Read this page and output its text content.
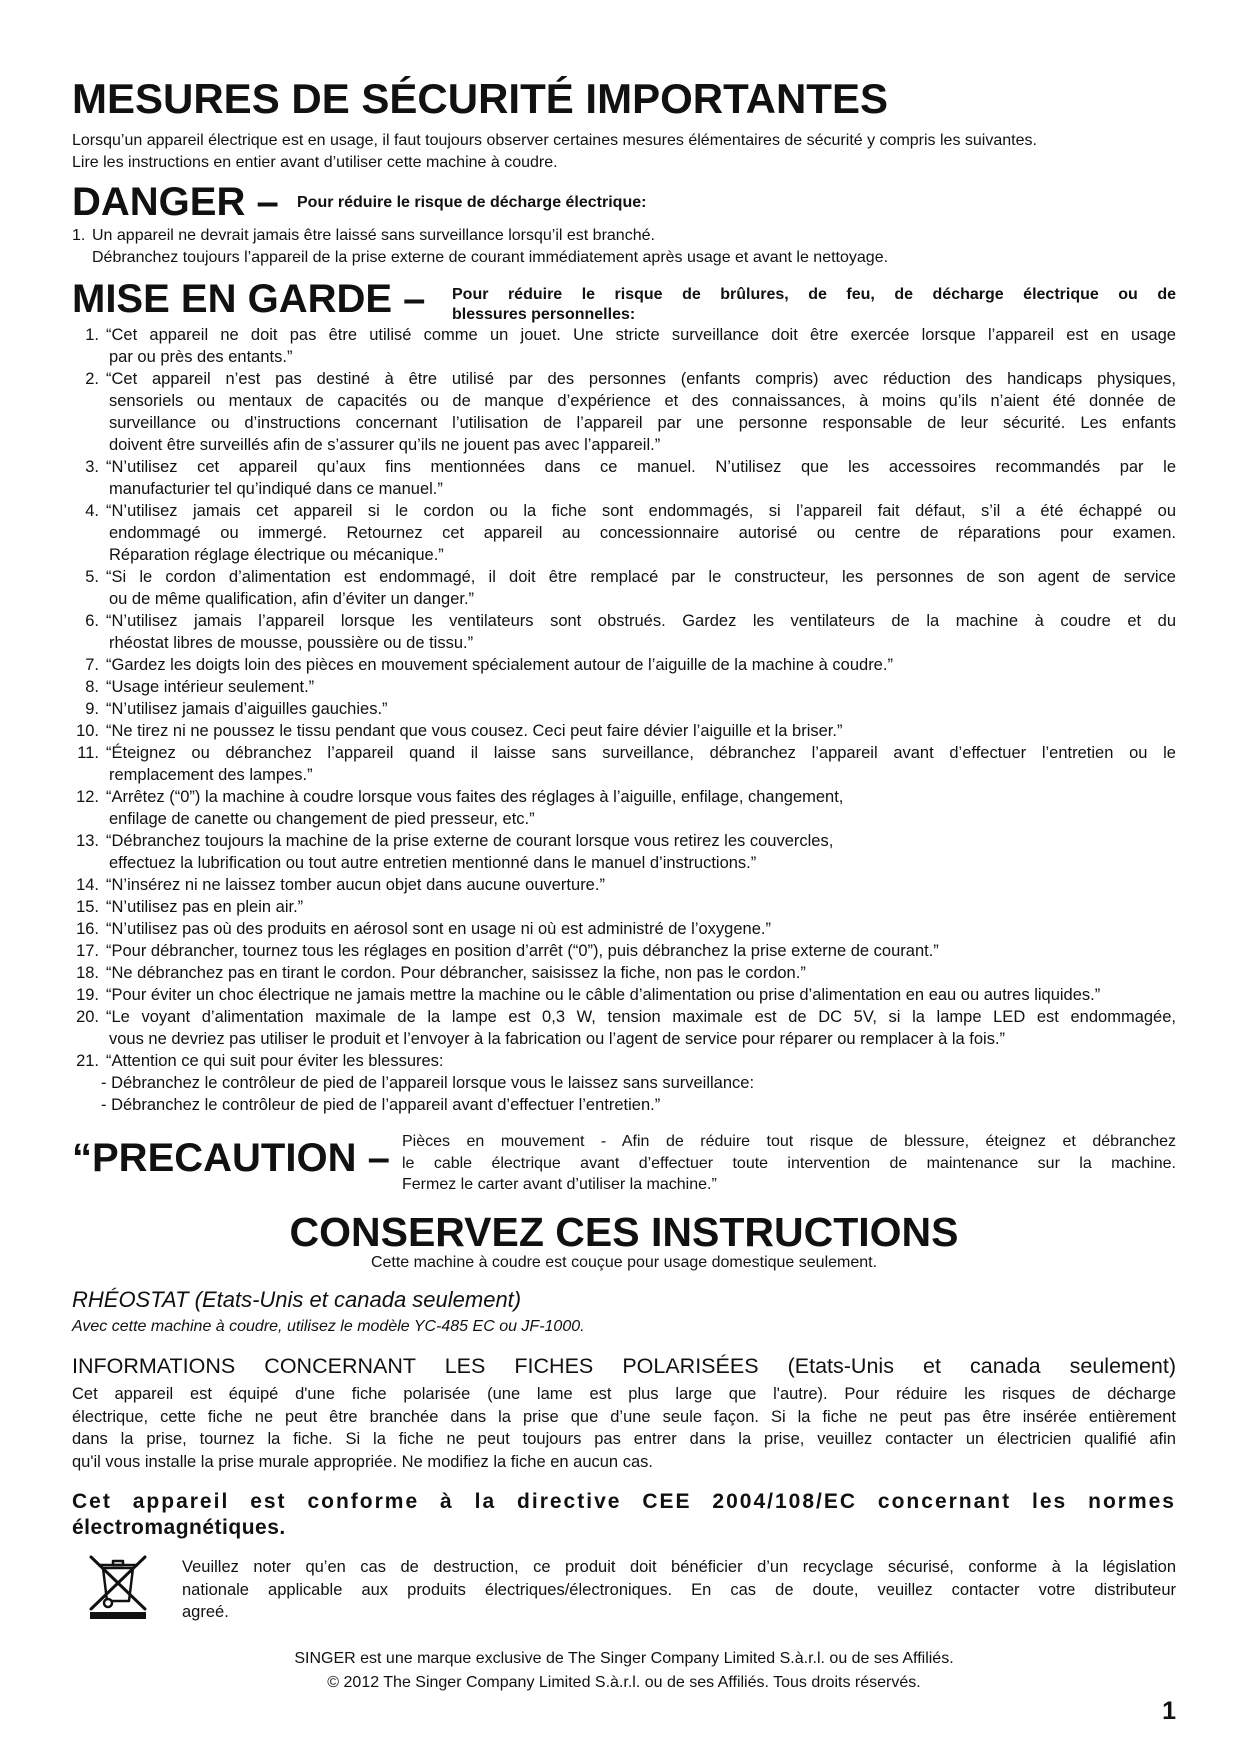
MESURES DE SÉCURITÉ IMPORTANTES
Lorsqu’un appareil électrique est en usage, il faut toujours observer certaines mesures élémentaires de sécurité y compris les suivantes.
Lire les instructions en entier avant d’utiliser cette machine à coudre.
DANGER – Pour réduire le risque de décharge électrique:
1. Un appareil ne devrait jamais être laissé sans surveillance lorsqu’il est branché.
Débranchez toujours l’appareil de la prise externe de courant immédiatement après usage et avant le nettoyage.
MISE EN GARDE – Pour réduire le risque de brûlures, de feu, de décharge électrique ou de
blessures personnelles:
1. “Cet appareil ne doit pas être utilisé comme un jouet. Une stricte surveillance doit être exercée lorsque l’appareil est en usage
par ou près des entants.”
2. “Cet appareil n’est pas destiné à être utilisé par des personnes (enfants compris) avec réduction des handicaps physiques,
sensoriels ou mentaux de capacités ou de manque d’expérience et des connaissances, à moins qu’ils n’aient été donnée de
surveillance ou d’instructions concernant l’utilisation de l’appareil par une personne responsable de leur sécurité. Les enfants
doivent être surveillés afin de s’assurer qu’ils ne jouent pas avec l’appareil.”
3. “N’utilisez cet appareil qu’aux fins mentionnées dans ce manuel. N’utilisez que les accessoires recommandés par le
manufacturier tel qu’indiqué dans ce manuel.”
4. “N’utilisez jamais cet appareil si le cordon ou la fiche sont endommagés, si l’appareil fait défaut, s’il a été échappé ou
endommagé ou immergé. Retournez cet appareil au concessionnaire autorisé ou centre de réparations pour examen.
Réparation réglage électrique ou mécanique.”
5. “Si le cordon d’alimentation est endommagé, il doit être remplacé par le constructeur, les personnes de son agent de service
ou de même qualification, afin d’éviter un danger.”
6. “N’utilisez jamais l’appareil lorsque les ventilateurs sont obstrués. Gardez les ventilateurs de la machine à coudre et du
rhéostat libres de mousse, poussière ou de tissu.”
7. “Gardez les doigts loin des pièces en mouvement spécialement autour de l’aiguille de la machine à coudre.”
8. “Usage intérieur seulement.”
9. “N’utilisez jamais d’aiguilles gauchies.”
10. “Ne tirez ni ne poussez le tissu pendant que vous cousez. Ceci peut faire dévier l’aiguille et la briser.”
11. “Éteignez ou débranchez l’appareil quand il laisse sans surveillance, débranchez l’appareil avant d’effectuer l’entretien ou le
remplacement des lampes.”
12. “Arrêtez (“0”) la machine à coudre lorsque vous faites des réglages à l’aiguille, enfilage, changement,
enfilage de canette ou changement de pied presseur, etc.”
13. “Débranchez toujours la machine de la prise externe de courant lorsque vous retirez les couvercles,
effectuez la lubrification ou tout autre entretien mentionné dans le manuel d’instructions.”
14. “N’insérez ni ne laissez tomber aucun objet dans aucune ouverture.”
15. “N’utilisez pas en plein air.”
16. “N’utilisez pas où des produits en aérosol sont en usage ni où est administré de l’oxygene.”
17. “Pour débrancher, tournez tous les réglages en position d’arrêt (“0”), puis débranchez la prise externe de courant.”
18. “Ne débranchez pas en tirant le cordon. Pour débrancher, saisissez la fiche, non pas le cordon.”
19. “Pour éviter un choc électrique ne jamais mettre la machine ou le câble d’alimentation ou prise d’alimentation en eau ou autres liquides.”
20. “Le voyant d’alimentation maximale de la lampe est 0,3 W, tension maximale est de DC 5V, si la lampe LED est endommagée,
vous ne devriez pas utiliser le produit et l’envoyer à la fabrication ou l’agent de service pour réparer ou remplacer à la fois.”
21. “Attention ce qui suit pour éviter les blessures:
- Débranchez le contrôleur de pied de l’appareil lorsque vous le laissez sans surveillance:
- Débranchez le contrôleur de pied de l’appareil avant d’effectuer l’entretien.”
“PRECAUTION – Pièces en mouvement - Afin de réduire tout risque de blessure, éteignez et débranchez
le cable électrique avant d’effectuer toute intervention de maintenance sur la machine.
Fermez le carter avant d’utiliser la machine.”
CONSERVEZ CES INSTRUCTIONS
Cette machine à coudre est couçue pour usage domestique seulement.
RHÉOSTAT (Etats-Unis et canada seulement)
Avec cette machine à coudre, utilisez le modèle YC-485 EC ou JF-1000.
INFORMATIONS CONCERNANT LES FICHES POLARISÉES (Etats-Unis et canada seulement)
Cet appareil est équipé d'une fiche polarisée (une lame est plus large que l'autre). Pour réduire les risques de décharge
électrique, cette fiche ne peut être branchée dans la prise que d’une seule façon. Si la fiche ne peut pas être insérée entièrement
dans la prise, tournez la fiche. Si la fiche ne peut toujours pas entrer dans la prise, veuillez contacter un électricien qualifié afin
qu'il vous installe la prise murale appropriée. Ne modifiez la fiche en aucun cas.
Cet appareil est conforme à la directive CEE 2004/108/EC concernant les normes
électromagnétiques.
Veuillez noter qu’en cas de destruction, ce produit doit bénéficier d’un recyclage sécurisé, conforme à la législation
nationale applicable aux produits électriques/électroniques. En cas de doute, veuillez contacter votre distributeur
agreé.
SINGER est une marque exclusive de The Singer Company Limited S.à.r.l. ou de ses Affiliés.
© 2012 The Singer Company Limited S.à.r.l. ou de ses Affiliés. Tous droits réservés.
1
